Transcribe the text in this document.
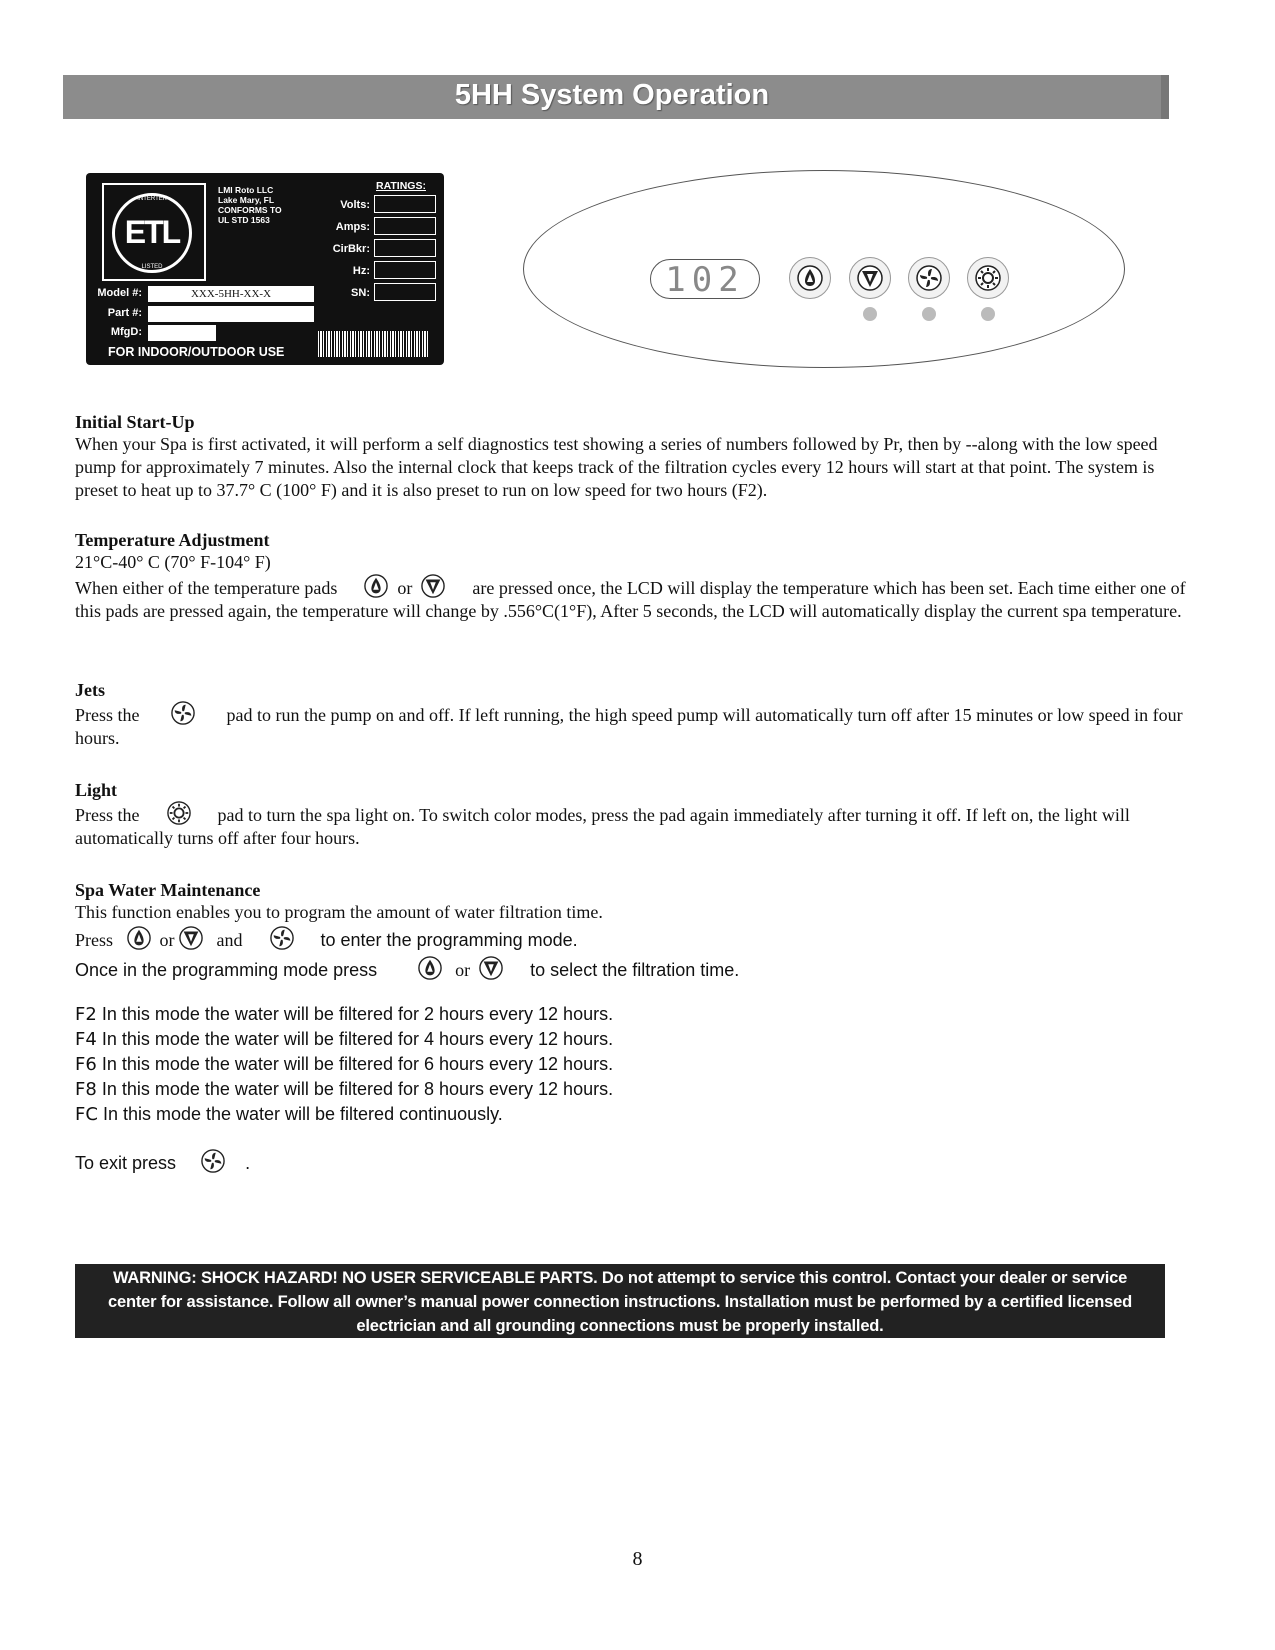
5HH System Operation
INTERTEK
ETL
LISTED
LMI Roto LLC
Lake Mary, FL
CONFORMS TO
UL STD 1563
RATINGS:
Volts:
Amps:
CirBkr:
Hz:
SN:
Model #:	XXX-5HH-XX-X
Part #:
MfgD:
FOR INDOOR/OUTDOOR USE
102
Initial Start-Up
When your Spa is first activated, it will perform a self diagnostics test showing a series of numbers followed by Pr, then by --along with the low speed pump for approximately 7 minutes. Also the internal clock that keeps track of the filtration cycles every 12 hours will start at that point. The system is preset to heat up to 37.7° C (100° F) and it is also preset to run on low speed for two hours (F2).
Temperature Adjustment
21°C-40° C (70° F-104° F)
When either of the temperature pads	or	are pressed once, the LCD will display the temperature which has been set. Each time either one of this pads are pressed again, the temperature will change by .556°C(1°F), After 5 seconds, the LCD will automatically display the current spa temperature.
Jets
Press the	pad to run the pump on and off. If left running, the high speed pump will automatically turn off after 15 minutes or low speed in four hours.
Light
Press the	pad to turn the spa light on. To switch color modes, press the pad again immediately after turning it off. If left on, the light will automatically turns off after four hours.
Spa Water Maintenance
This function enables you to program the amount of water filtration time.
Press	or and	to enter the programming mode.
Once in the programming mode press	or	to select the filtration time.
F2 In this mode the water will be filtered for 2 hours every 12 hours.
F4 In this mode the water will be filtered for 4 hours every 12 hours.
F6 In this mode the water will be filtered for 6 hours every 12 hours.
F8 In this mode the water will be filtered for 8 hours every 12 hours.
FC In this mode the water will be filtered continuously.
To exit press	.
WARNING: SHOCK HAZARD! NO USER SERVICEABLE PARTS. Do not attempt to service this control. Contact your dealer or service center for assistance. Follow all owner’s manual power connection instructions. Installation must be performed by a certified licensed electrician and all grounding connections must be properly installed.
8
